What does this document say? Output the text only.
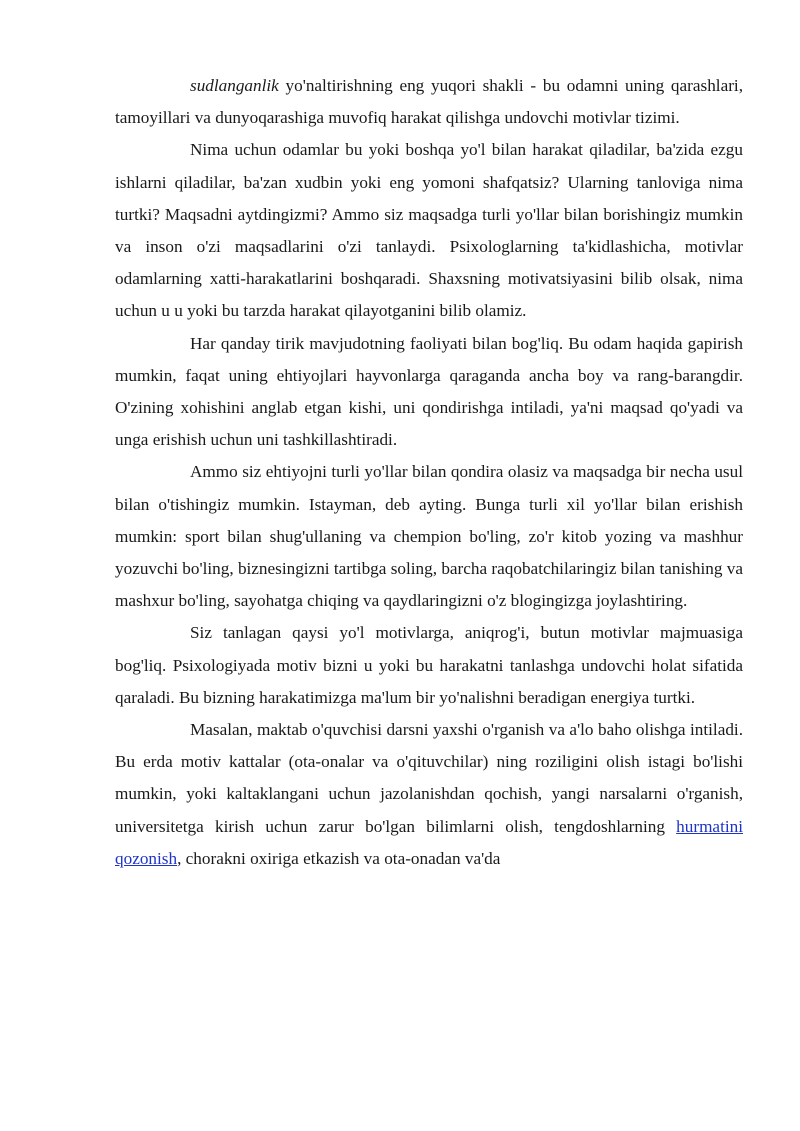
sudlanganlik yo'naltirishning eng yuqori shakli - bu odamni uning qarashlari, tamoyillari va dunyoqarashiga muvofiq harakat qilishga undovchi motivlar tizimi.

Nima uchun odamlar bu yoki boshqa yo'l bilan harakat qiladilar, ba'zida ezgu ishlarni qiladilar, ba'zan xudbin yoki eng yomoni shafqatsiz? Ularning tanloviga nima turtki? Maqsadni aytdingizmi? Ammo siz maqsadga turli yo'llar bilan borishingiz mumkin va inson o'zi maqsadlarini o'zi tanlaydi. Psixologlarning ta'kidlashicha, motivlar odamlarning xatti-harakatlarini boshqaradi. Shaxsning motivatsiyasini bilib olsak, nima uchun u u yoki bu tarzda harakat qilayotganini bilib olamiz.

Har qanday tirik mavjudotning faoliyati bilan bog'liq. Bu odam haqida gapirish mumkin, faqat uning ehtiyojlari hayvonlarga qaraganda ancha boy va rang-barangdir. O'zining xohishini anglab etgan kishi, uni qondirishga intiladi, ya'ni maqsad qo'yadi va unga erishish uchun uni tashkillashtiradi.

Ammo siz ehtiyojni turli yo'llar bilan qondira olasiz va maqsadga bir necha usul bilan o'tishingiz mumkin. Istayman, deb ayting. Bunga turli xil yo'llar bilan erishish mumkin: sport bilan shug'ullaning va chempion bo'ling, zo'r kitob yozing va mashhur yozuvchi bo'ling, biznesingizni tartibga soling, barcha raqobatchilaringiz bilan tanishing va mashxur bo'ling, sayohatga chiqing va qaydlaringizni o'z blogingizga joylashtiring.

Siz tanlagan qaysi yo'l motivlarga, aniqrog'i, butun motivlar majmuasiga bog'liq. Psixologiyada motiv bizni u yoki bu harakatni tanlashga undovchi holat sifatida qaraladi. Bu bizning harakatimizga ma'lum bir yo'nalishni beradigan energiya turtki.

Masalan, maktab o'quvchisi darsni yaxshi o'rganish va a'lo baho olishga intiladi. Bu erda motiv kattalar (ota-onalar va o'qituvchilar) ning roziligini olish istagi bo'lishi mumkin, yoki kaltaklangani uchun jazolanishdan qochish, yangi narsalarni o'rganish, universitetga kirish uchun zarur bo'lgan bilimlarni olish, tengdoshlarning hurmatini qozonish, chorakni oxiriga etkazish va ota-onadan va'da
